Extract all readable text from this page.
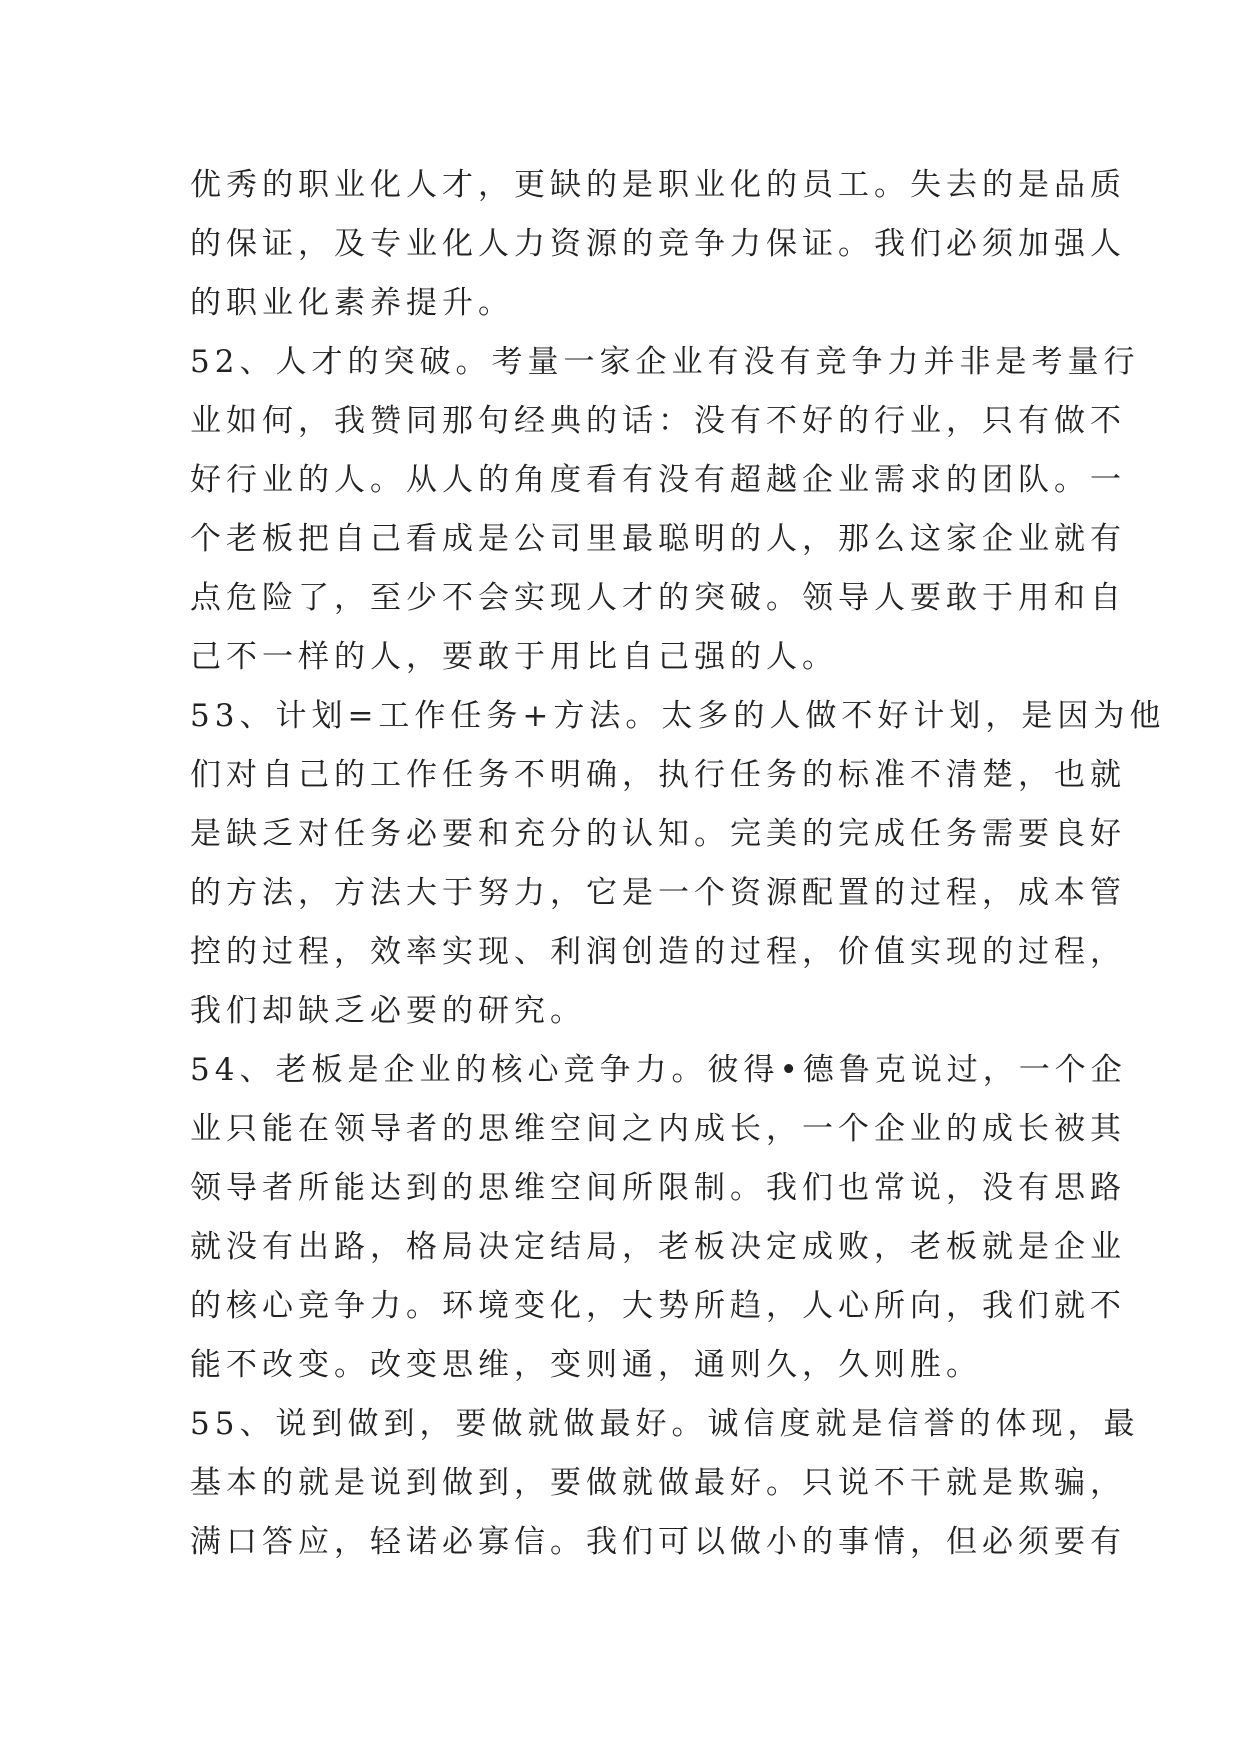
优秀的职业化人才，更缺的是职业化的员工。失去的是品质
的保证，及专业化人力资源的竞争力保证。我们必须加强人
的职业化素养提升。
52、人才的突破。考量一家企业有没有竞争力并非是考量行
业如何，我赞同那句经典的话：没有不好的行业，只有做不
好行业的人。从人的角度看有没有超越企业需求的团队。一
个老板把自己看成是公司里最聪明的人，那么这家企业就有
点危险了，至少不会实现人才的突破。领导人要敢于用和自
己不一样的人，要敢于用比自己强的人。
53、计划=工作任务+方法。太多的人做不好计划，是因为他
们对自己的工作任务不明确，执行任务的标准不清楚，也就
是缺乏对任务必要和充分的认知。完美的完成任务需要良好
的方法，方法大于努力，它是一个资源配置的过程，成本管
控的过程，效率实现、利润创造的过程，价值实现的过程，
我们却缺乏必要的研究。
54、老板是企业的核心竞争力。彼得•德鲁克说过，一个企
业只能在领导者的思维空间之内成长，一个企业的成长被其
领导者所能达到的思维空间所限制。我们也常说，没有思路
就没有出路，格局决定结局，老板决定成败，老板就是企业
的核心竞争力。环境变化，大势所趋，人心所向，我们就不
能不改变。改变思维，变则通，通则久，久则胜。
55、说到做到，要做就做最好。诚信度就是信誉的体现，最
基本的就是说到做到，要做就做最好。只说不干就是欺骗，
满口答应，轻诺必寡信。我们可以做小的事情，但必须要有
